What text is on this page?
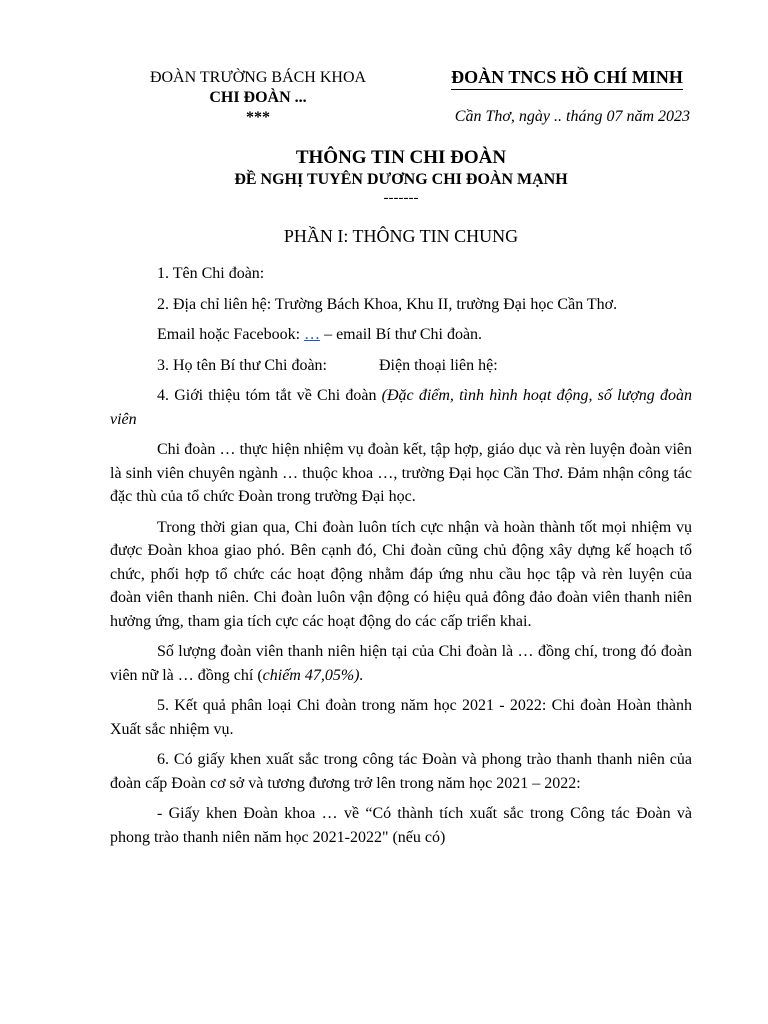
ĐOÀN TRƯỜNG BÁCH KHOA
CHI ĐOÀN ...
***
ĐOÀN TNCS HỒ CHÍ MINH
Cần Thơ, ngày .. tháng 07 năm 2023
THÔNG TIN CHI ĐOÀN
ĐỀ NGHỊ TUYÊN DƯƠNG CHI ĐOÀN MẠNH
-------
PHẦN I: THÔNG TIN CHUNG

1. Tên Chi đoàn:

2. Địa chỉ liên hệ: Trường Bách Khoa, Khu II, trường Đại học Cần Thơ.

Email hoặc Facebook: … – email Bí thư Chi đoàn.

3. Họ tên Bí thư Chi đoàn:	Điện thoại liên hệ:

4. Giới thiệu tóm tắt về Chi đoàn (Đặc điểm, tình hình hoạt động, số lượng đoàn viên

Chi đoàn … thực hiện nhiệm vụ đoàn kết, tập hợp, giáo dục và rèn luyện đoàn viên là sinh viên chuyên ngành … thuộc khoa …, trường Đại học Cần Thơ. Đảm nhận công tác đặc thù của tổ chức Đoàn trong trường Đại học.

Trong thời gian qua, Chi đoàn luôn tích cực nhận và hoàn thành tốt mọi nhiệm vụ được Đoàn khoa giao phó. Bên cạnh đó, Chi đoàn cũng chủ động xây dựng kế hoạch tổ chức, phối hợp tổ chức các hoạt động nhằm đáp ứng nhu cầu học tập và rèn luyện của đoàn viên thanh niên. Chi đoàn luôn vận động có hiệu quả đông đảo đoàn viên thanh niên hưởng ứng, tham gia tích cực các hoạt động do các cấp triển khai.

Số lượng đoàn viên thanh niên hiện tại của Chi đoàn là … đồng chí, trong đó đoàn viên nữ là … đồng chí (chiếm 47,05%).

5. Kết quả phân loại Chi đoàn trong năm học 2021 - 2022: Chi đoàn Hoàn thành Xuất sắc nhiệm vụ.

6. Có giấy khen xuất sắc trong công tác Đoàn và phong trào thanh thanh niên của đoàn cấp Đoàn cơ sở và tương đương trở lên trong năm học 2021 – 2022:

- Giấy khen Đoàn khoa … về “Có thành tích xuất sắc trong Công tác Đoàn và phong trào thanh niên năm học 2021-2022" (nếu có)
